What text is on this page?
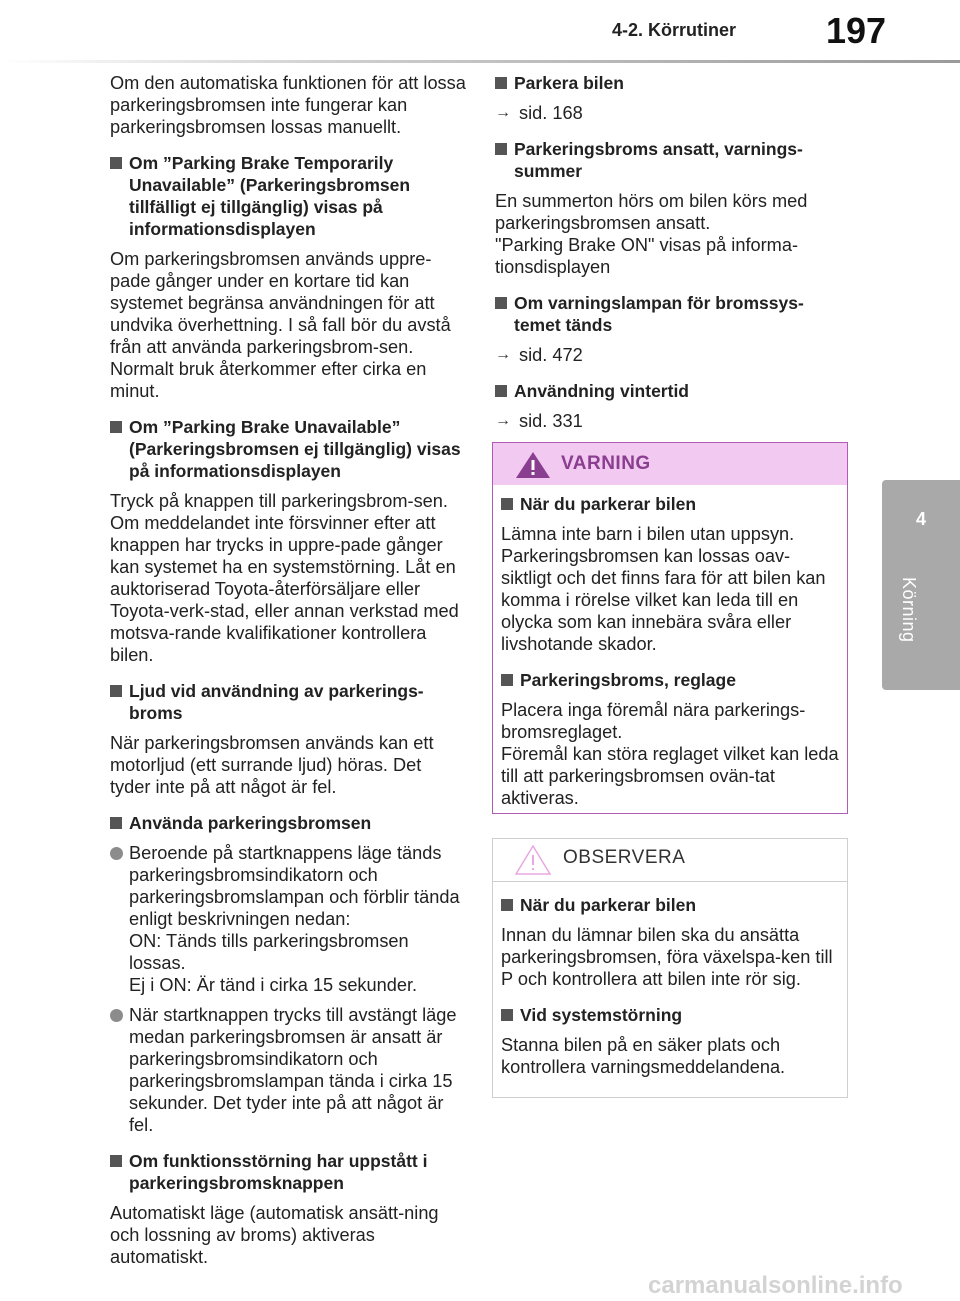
4-2. Körrutiner 197
4
Körning

Om den automatiska funktionen för att lossa parkeringsbromsen inte fungerar kan parkeringsbromsen lossas manuellt.

Om ”Parking Brake Temporarily Unavailable” (Parkeringsbromsen tillfälligt ej tillgänglig) visas på informationsdisplayen

Om parkeringsbromsen används uppre-pade gånger under en kortare tid kan systemet begränsa användningen för att undvika överhettning. I så fall bör du avstå från att använda parkeringsbrom-sen. Normalt bruk återkommer efter cirka en minut.

Om ”Parking Brake Unavailable” (Parkeringsbromsen ej tillgänglig) visas på informationsdisplayen

Tryck på knappen till parkeringsbrom-sen. Om meddelandet inte försvinner efter att knappen har trycks in uppre-pade gånger kan systemet ha en systemstörning. Låt en auktoriserad Toyota-återförsäljare eller Toyota-verk-stad, eller annan verkstad med motsva-rande kvalifikationer kontrollera bilen.

Ljud vid användning av parkerings-broms

När parkeringsbromsen används kan ett motorljud (ett surrande ljud) höras. Det tyder inte på att något är fel.

Använda parkeringsbromsen
Beroende på startknappens läge tänds parkeringsbromsindikatorn och parkeringsbromslampan och förblir tända enligt beskrivningen nedan:
ON: Tänds tills parkeringsbromsen lossas.
Ej i ON: Är tänd i cirka 15 sekunder.
När startknappen trycks till avstängt läge medan parkeringsbromsen är ansatt är parkeringsbromsindikatorn och parkeringsbromslampan tända i cirka 15 sekunder. Det tyder inte på att något är fel.
Om funktionsstörning har uppstått i parkeringsbromsknappen

Automatiskt läge (automatisk ansätt-ning och lossning av broms) aktiveras automatiskt.

Parkera bilen
→ sid. 168
Parkeringsbroms ansatt, varnings-summer

En summerton hörs om bilen körs med parkeringsbromsen ansatt.

"Parking Brake ON" visas på informa-tionsdisplayen

Om varningslampan för bromssys-temet tänds
→ sid. 472
Användning vintertid
→ sid. 331
VARNING
När du parkerar bilen

Lämna inte barn i bilen utan uppsyn. Parkeringsbromsen kan lossas oav-siktligt och det finns fara för att bilen kan komma i rörelse vilket kan leda till en olycka som kan innebära svåra eller livshotande skador.

Parkeringsbroms, reglage

Placera inga föremål nära parkerings-bromsreglaget.

Föremål kan störa reglaget vilket kan leda till att parkeringsbromsen ovän-tat aktiveras.

OBSERVERA
När du parkerar bilen

Innan du lämnar bilen ska du ansätta parkeringsbromsen, föra växelspa-ken till P och kontrollera att bilen inte rör sig.

Vid systemstörning

Stanna bilen på en säker plats och kontrollera varningsmeddelandena.

carmanualsonline.info
